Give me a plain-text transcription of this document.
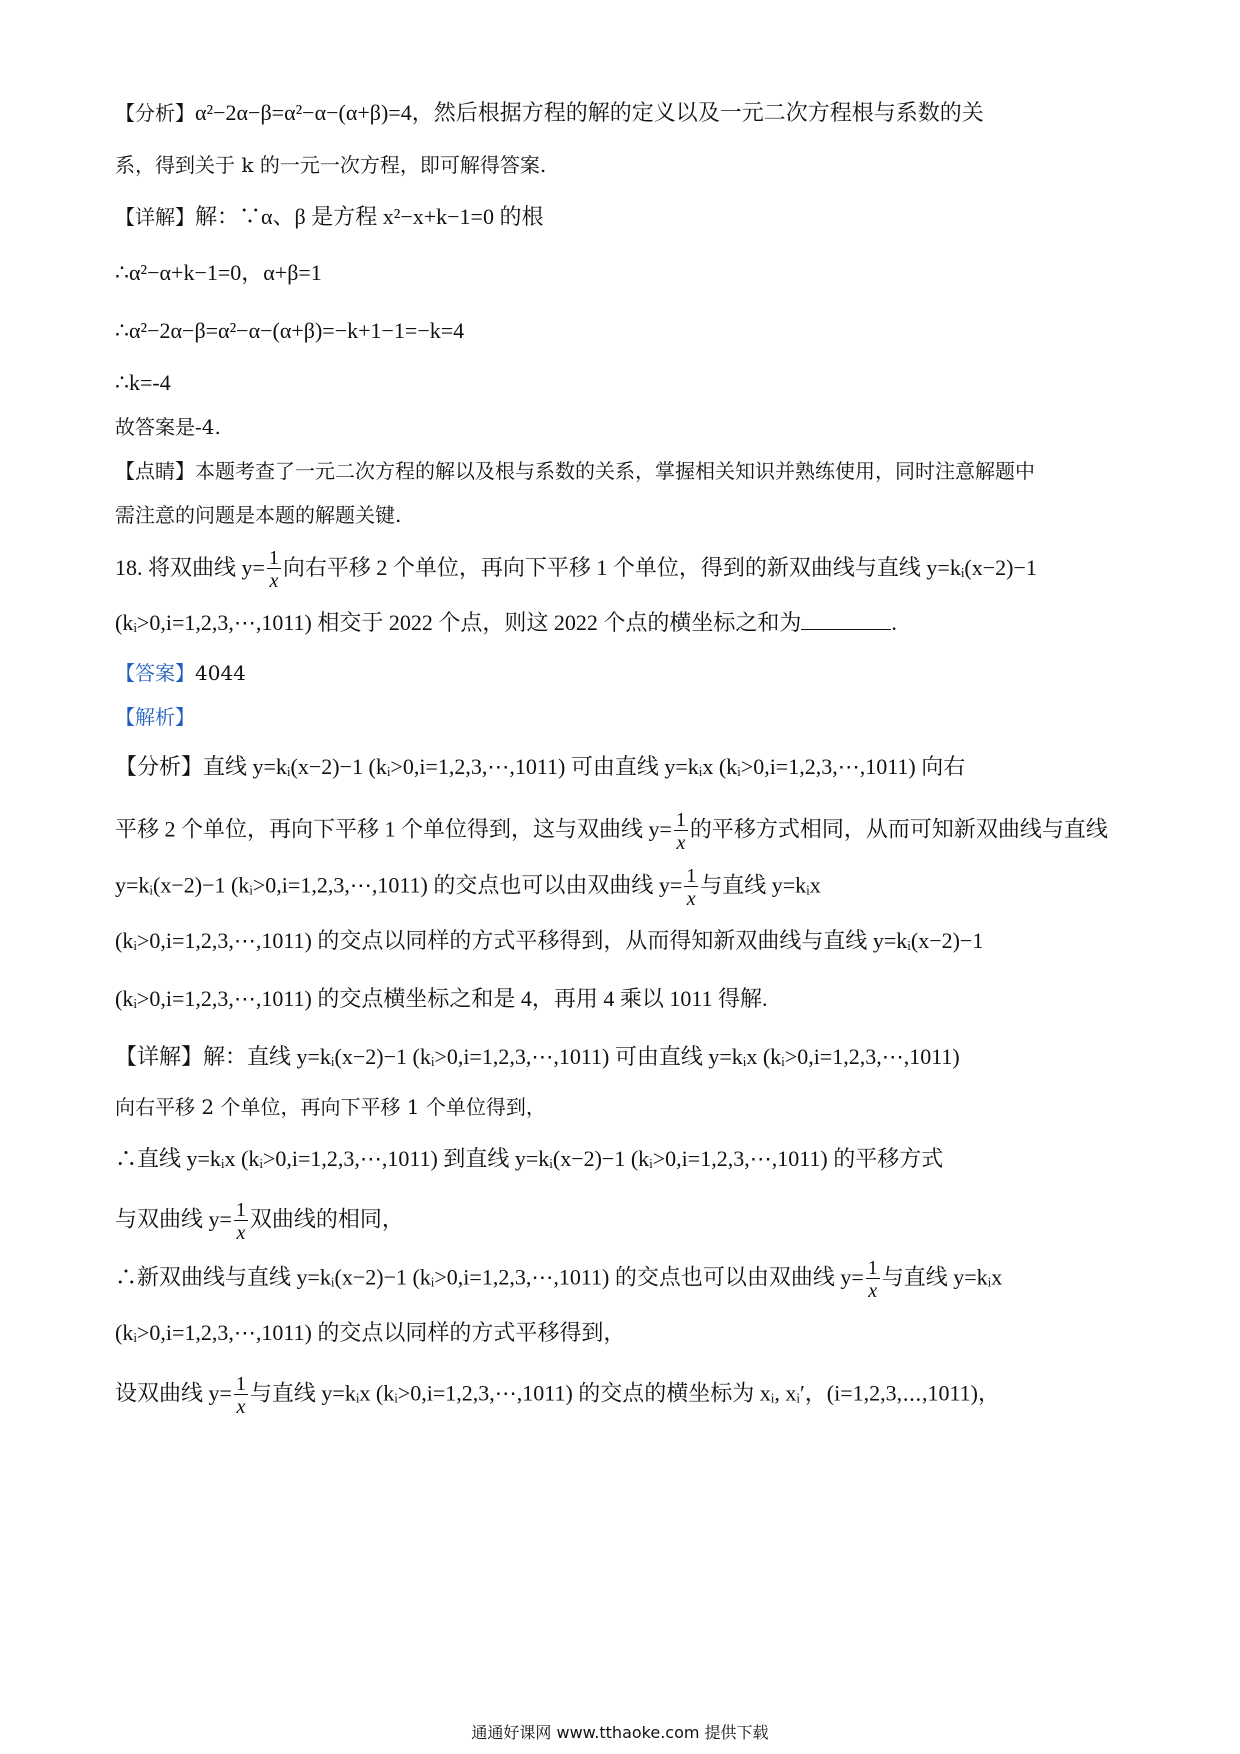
【分析】α²−2α−β=α²−α−(α+β)=4，然后根据方程的解的定义以及一元二次方程根与系数的关
系，得到关于 k 的一元一次方程，即可解得答案.
【详解】解：∵α、β 是方程 x²−x+k−1=0 的根
∴α²−α+k−1=0，α+β=1
∴α²−2α−β=α²−α−(α+β)=−k+1−1=−k=4
∴k=-4
故答案是-4.
【点睛】本题考查了一元二次方程的解以及根与系数的关系，掌握相关知识并熟练使用，同时注意解题中
需注意的问题是本题的解题关键.
18. 将双曲线 $y= \frac{1}{x}$ 向右平移 2 个单位，再向下平移 1 个单位，得到的新双曲线与直线 y=kᵢ(x−2)−1
(kᵢ>0,i=1,2,3,⋯,1011) 相交于 2022 个点，则这 2022 个点的横坐标之和为	.
【答案】4044
【解析】
【分析】直线 y=kᵢ(x−2)−1 (kᵢ>0,i=1,2,3,⋯,1011) 可由直线 y=kᵢx (kᵢ>0,i=1,2,3,⋯,1011) 向右
平移 2 个单位，再向下平移 1 个单位得到，这与双曲线 $y= \frac{1}{x}$ 的平移方式相同，从而可知新双曲线与直线
y=kᵢ(x−2)−1 (kᵢ>0,i=1,2,3,⋯,1011) 的交点也可以由双曲线 $y= \frac{1}{x}$ 与直线 y=kᵢx
(kᵢ>0,i=1,2,3,⋯,1011) 的交点以同样的方式平移得到，从而得知新双曲线与直线 y=kᵢ(x−2)−1
(kᵢ>0,i=1,2,3,⋯,1011) 的交点横坐标之和是 4，再用 4 乘以 1011 得解.
【详解】解：直线 y=kᵢ(x−2)−1 (kᵢ>0,i=1,2,3,⋯,1011) 可由直线 y=kᵢx (kᵢ>0,i=1,2,3,⋯,1011)
向右平移 2 个单位，再向下平移 1 个单位得到，
∴直线 y=kᵢx (kᵢ>0,i=1,2,3,⋯,1011) 到直线 y=kᵢ(x−2)−1 (kᵢ>0,i=1,2,3,⋯,1011) 的平移方式
与双曲线 $y= \frac{1}{x}$ 双曲线的相同，
∴新双曲线与直线 y=kᵢ(x−2)−1 (kᵢ>0,i=1,2,3,⋯,1011) 的交点也可以由双曲线 $y= \frac{1}{x}$ 与直线 y=kᵢx
(kᵢ>0,i=1,2,3,⋯,1011) 的交点以同样的方式平移得到，
设双曲线 $y= \frac{1}{x}$ 与直线 y=kᵢx (kᵢ>0,i=1,2,3,⋯,1011) 的交点的横坐标为 xᵢ, xᵢ′，(i=1,2,3,⋯,1011)，
通通好课网 www.tthaoke.com 提供下载
